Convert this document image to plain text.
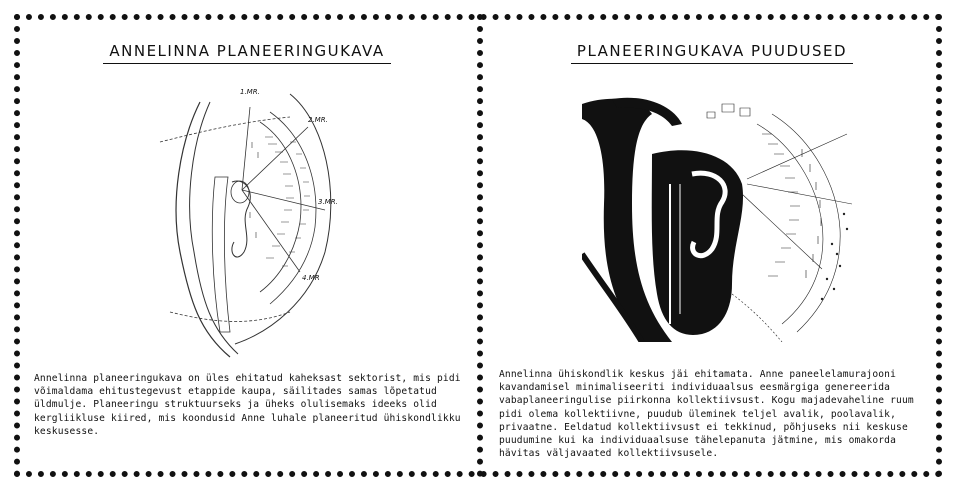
ANNELINNA PLANEERINGUKAVA
1.MR.
2.MR.
3.MR.
4.MR

Annelinna planeeringukava on üles ehitatud kaheksast sektorist, mis pidi võimaldama ehitustegevust etappide kaupa, säilitades samas lõpetatud üldmulje. Planeeringu struktuurseks ja üheks olulisemaks ideeks olid kergliikluse kiired, mis koondusid Anne luhale planeeritud ühiskondlikku keskusesse.

PLANEERINGUKAVA PUUDUSED

Annelinna ühiskondlik keskus jäi ehitamata. Anne paneelelamurajooni kavandamisel minimaliseeriti individuaalsus eesmärgiga genereerida vabaplaneeringulise piirkonna kollektiivsust. Kogu majadevaheline ruum pidi olema kollektiivne, puudub üleminek teljel avalik, poolavalik, privaatne. Eeldatud kollektiivsust ei tekkinud, põhjuseks nii keskuse puudumine kui ka individuaalsuse tähelepanuta jätmine, mis omakorda hävitas väljavaated kollektiivsusele.
